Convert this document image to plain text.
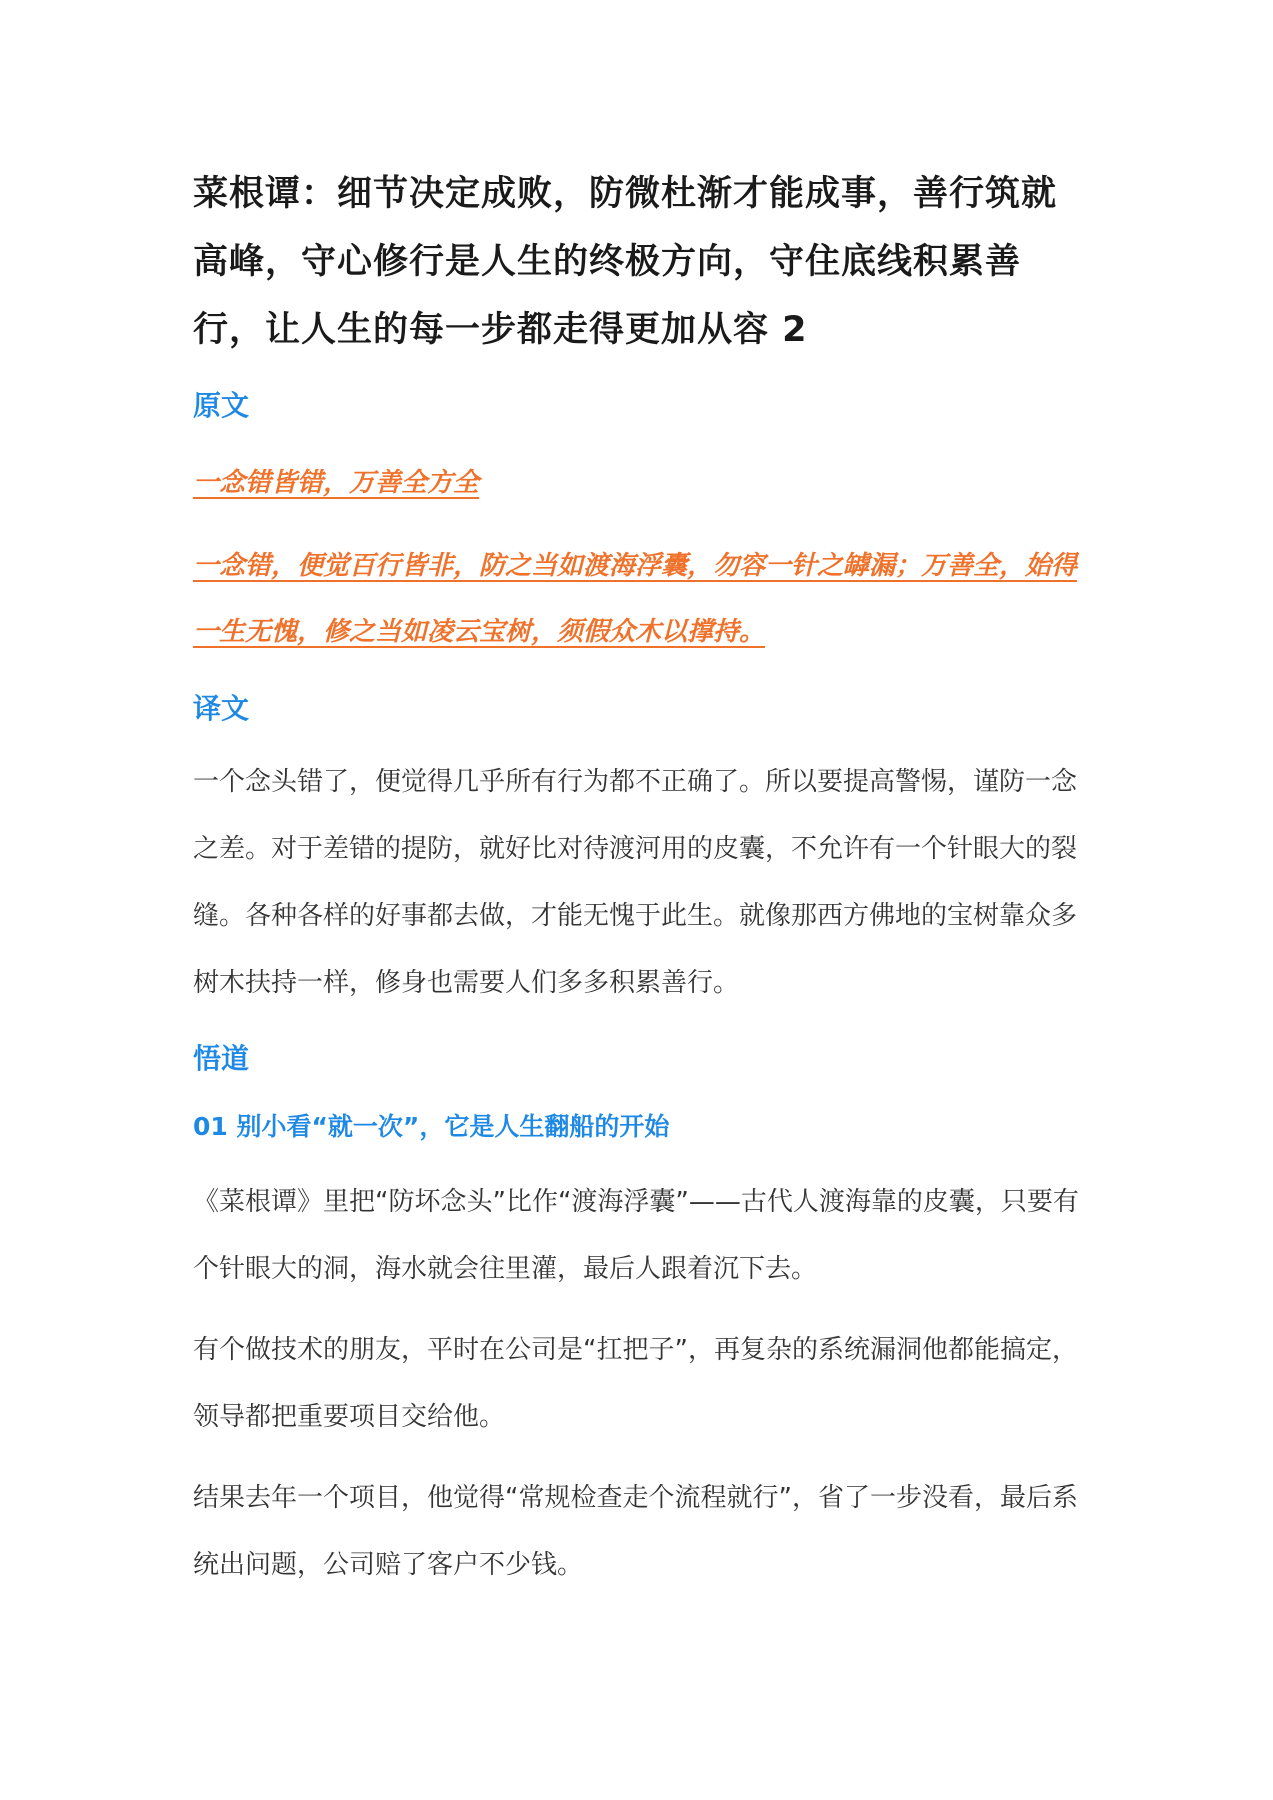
菜根谭：细节决定成败，防微杜渐才能成事，善行筑就高峰，守心修行是人生的终极方向，守住底线积累善行，让人生的每一步都走得更加从容 2
原文

一念错皆错，万善全方全

一念错，便觉百行皆非，防之当如渡海浮囊，勿容一针之罅漏；万善全，始得一生无愧，修之当如凌云宝树，须假众木以撑持。

译文

一个念头错了，便觉得几乎所有行为都不正确了。所以要提高警惕，谨防一念之差。对于差错的提防，就好比对待渡河用的皮囊，不允许有一个针眼大的裂缝。各种各样的好事都去做，才能无愧于此生。就像那西方佛地的宝树靠众多树木扶持一样，修身也需要人们多多积累善行。

悟道
01 别小看“就一次”，它是人生翻船的开始

《菜根谭》里把“防坏念头”比作“渡海浮囊”——古代人渡海靠的皮囊，只要有个针眼大的洞，海水就会往里灌，最后人跟着沉下去。

有个做技术的朋友，平时在公司是“扛把子”，再复杂的系统漏洞他都能搞定，领导都把重要项目交给他。

结果去年一个项目，他觉得“常规检查走个流程就行”，省了一步没看，最后系统出问题，公司赔了客户不少钱。
